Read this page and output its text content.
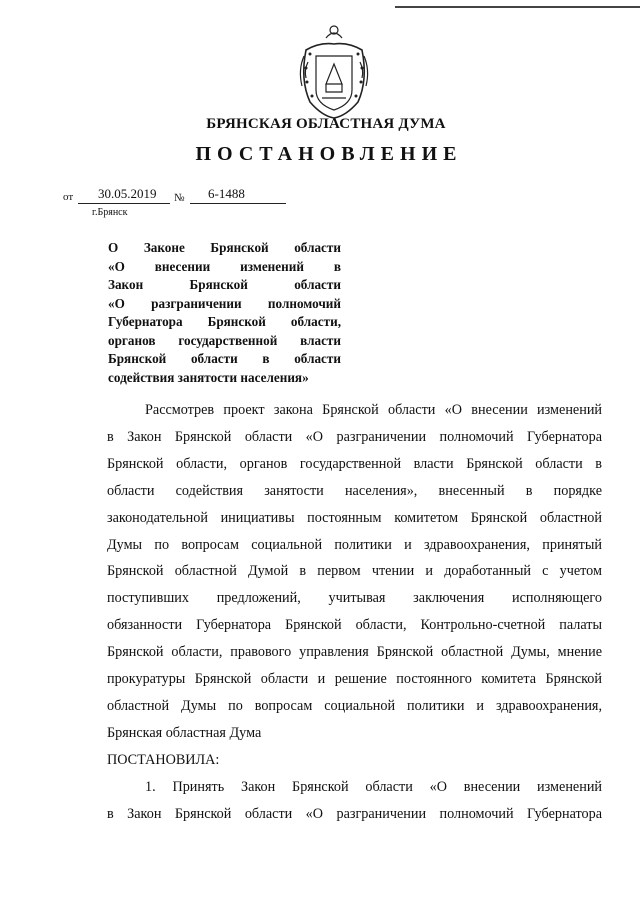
БРЯНСКАЯ ОБЛАСТНАЯ ДУМА
ПОСТАНОВЛЕНИЕ
от 30.05.2019 № 6-1488
г.Брянск
О Законе Брянской области
«О внесении изменений в
Закон Брянской области
«О разграничении полномочий
Губернатора Брянской области,
органов государственной власти
Брянской области в области
содействия занятости населения»
Рассмотрев проект закона Брянской области «О внесении изменений
в Закон Брянской области «О разграничении полномочий Губернатора
Брянской области, органов государственной власти Брянской области в
области содействия занятости населения», внесенный в порядке
законодательной инициативы постоянным комитетом Брянской областной
Думы по вопросам социальной политики и здравоохранения, принятый
Брянской областной Думой в первом чтении и доработанный с учетом
поступивших предложений, учитывая заключения исполняющего
обязанности Губернатора Брянской области, Контрольно-счетной палаты
Брянской области, правового управления Брянской областной Думы, мнение
прокуратуры Брянской области и решение постоянного комитета Брянской
областной Думы по вопросам социальной политики и здравоохранения,
Брянская областная Дума
ПОСТАНОВИЛА:
1. Принять Закон Брянской области «О внесении изменений
в Закон Брянской области «О разграничении полномочий Губернатора
